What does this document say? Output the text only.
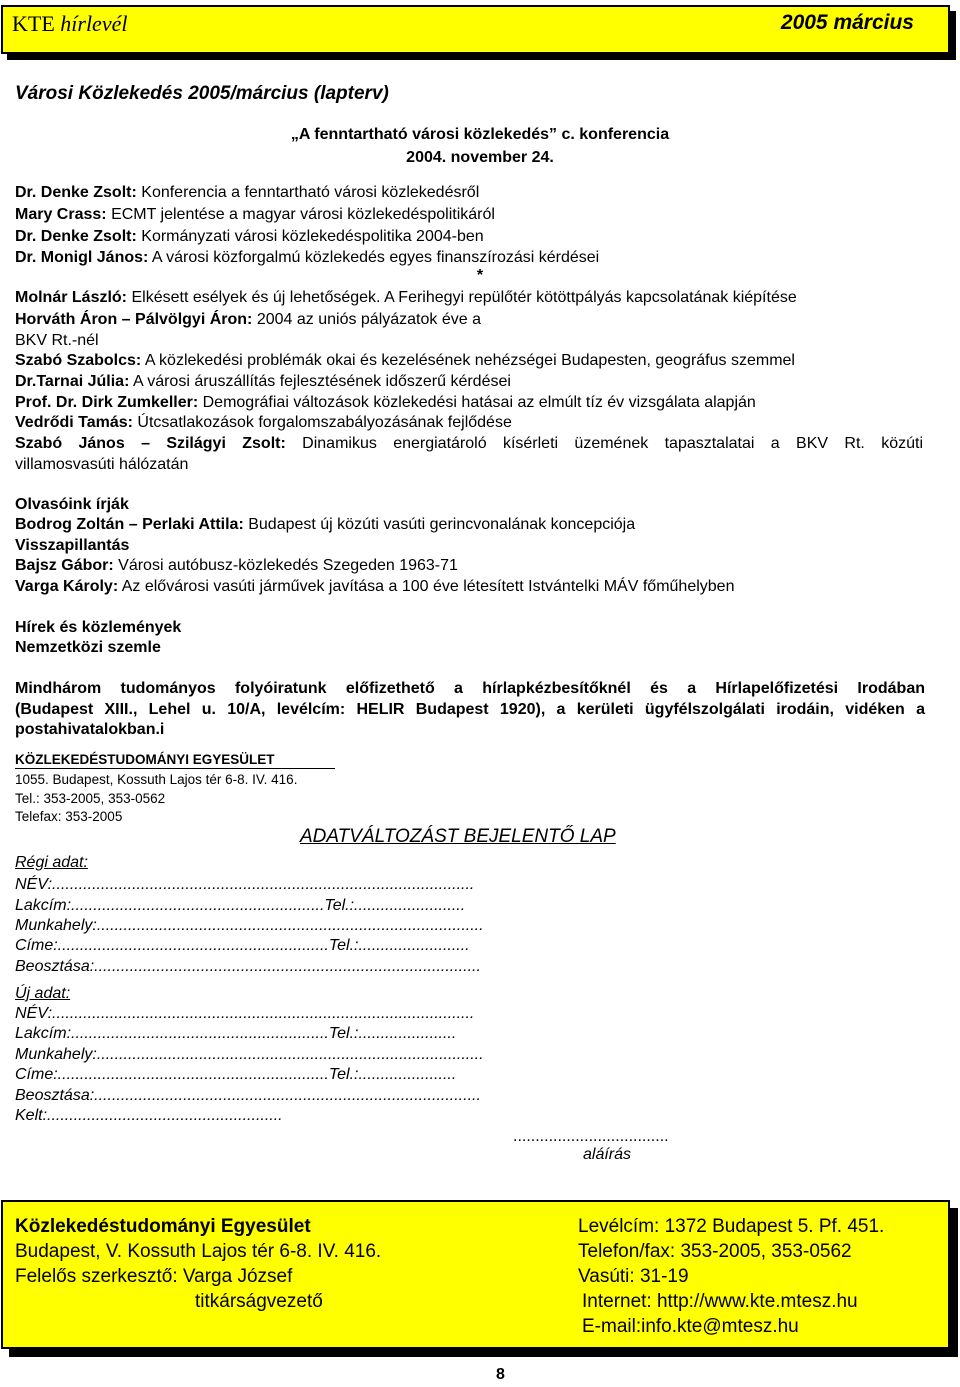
KTE hírlevél	2005 március
Városi Közlekedés 2005/március (lapterv)
„A fenntartható városi közlekedés” c. konferencia
2004. november 24.
Dr. Denke Zsolt: Konferencia a fenntartható városi közlekedésről
Mary Crass: ECMT jelentése a magyar városi közlekedéspolitikáról
Dr. Denke Zsolt: Kormányzati városi közlekedéspolitika 2004-ben
Dr. Monigl János: A városi közforgalmú közlekedés egyes finanszírozási kérdései
*
Molnár László: Elkésett esélyek és új lehetőségek. A Ferihegyi repülőtér kötöttpályás kapcsolatának kiépítése
Horváth Áron – Pálvölgyi Áron: 2004 az uniós pályázatok éve a
BKV Rt.-nél
Szabó Szabolcs: A közlekedési problémák okai és kezelésének nehézségei Budapesten, geográfus szemmel
Dr.Tarnai Júlia: A városi áruszállítás fejlesztésének időszerű kérdései
Prof. Dr. Dirk Zumkeller: Demográfiai változások közlekedési hatásai az elmúlt tíz év vizsgálata alapján
Vedrődi Tamás: Útcsatlakozások forgalomszabályozásának fejlődése
Szabó János – Szilágyi Zsolt: Dinamikus energiatároló kísérleti üzemének tapasztalatai a BKV Rt. közúti
villamosvasúti hálózatán
Olvasóink írják
Bodrog Zoltán – Perlaki Attila: Budapest új közúti vasúti gerincvonalának koncepciója
Visszapillantás
Bajsz Gábor: Városi autóbusz-közlekedés Szegeden 1963-71
Varga Károly: Az elővárosi vasúti járművek javítása a 100 éve létesített Istvántelki MÁV főműhelyben
Hírek és közlemények
Nemzetközi szemle
Mindhárom tudományos folyóiratunk előfizethető a hírlapkézbesítőknél és a Hírlapelőfizetési Irodában
(Budapest XIII., Lehel u. 10/A, levélcím: HELIR Budapest 1920), a kerületi ügyfélszolgálati irodáin, vidéken a
postahivatalokban.i
KÖZLEKEDÉSTUDOMÁNYI EGYESÜLET
1055. Budapest, Kossuth Lajos tér 6-8. IV. 416.
Tel.: 353-2005, 353-0562
Telefax: 353-2005
ADATVÁLTOZÁST BEJELENTŐ LAP
Régi adat:
NÉV:...............................................................................................
Lakcím:.........................................................Tel.:.........................
Munkahely:.......................................................................................
Címe:.............................................................Tel.:.........................
Beosztása:.......................................................................................
Új adat:
NÉV:...............................................................................................
Lakcím:..........................................................Tel.:......................
Munkahely:.......................................................................................
Címe:.............................................................Tel.:......................
Beosztása:.......................................................................................
Kelt:.....................................................
...................................
aláírás
Közlekedéstudományi Egyesület
Budapest, V. Kossuth Lajos tér 6-8. IV. 416.
Felelős szerkesztő: Varga József
titkárságvezető
Levélcím: 1372 Budapest 5. Pf. 451.
Telefon/fax: 353-2005, 353-0562
Vasúti: 31-19
Internet: http://www.kte.mtesz.hu
E-mail:info.kte@mtesz.hu
8
